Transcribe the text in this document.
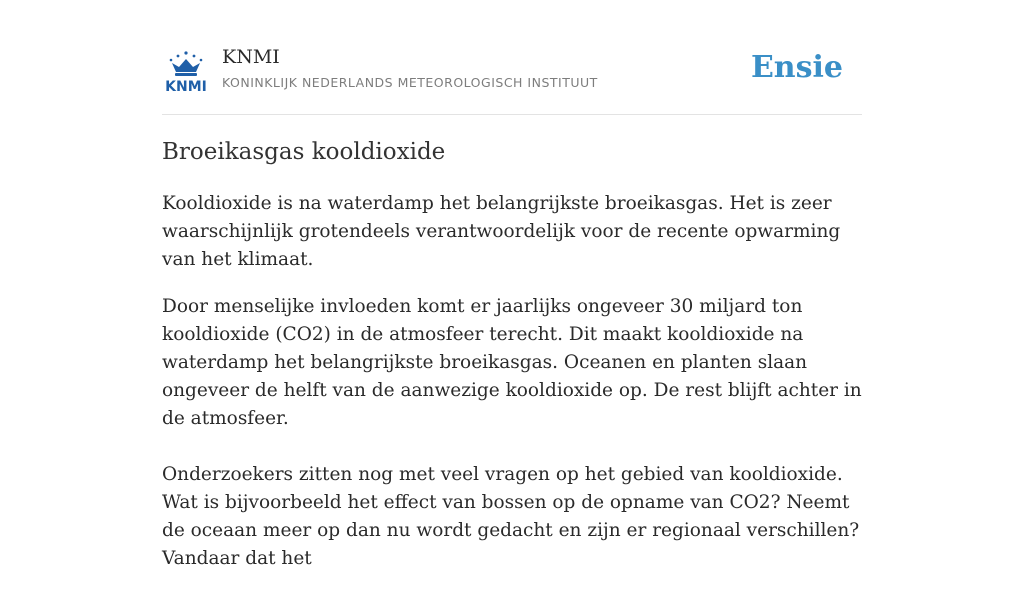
KNMI
KNMI
KONINKLIJK NEDERLANDS METEOROLOGISCH INSTITUUT	Ensie
Broeikasgas kooldioxide

Kooldioxide is na waterdamp het belangrijkste broeikasgas. Het is zeer waarschijnlijk grotendeels verantwoordelijk voor de recente opwarming van het klimaat.

Door menselijke invloeden komt er jaarlijks ongeveer 30 miljard ton kooldioxide (CO2) in de atmosfeer terecht. Dit maakt kooldioxide na waterdamp het belangrijkste broeikasgas. Oceanen en planten slaan ongeveer de helft van de aanwezige kooldioxide op. De rest blijft achter in de atmosfeer.

Onderzoekers zitten nog met veel vragen op het gebied van kooldioxide. Wat is bijvoorbeeld het effect van bossen op de opname van CO2? Neemt de oceaan meer op dan nu wordt gedacht en zijn er regionaal verschillen? Vandaar dat het
